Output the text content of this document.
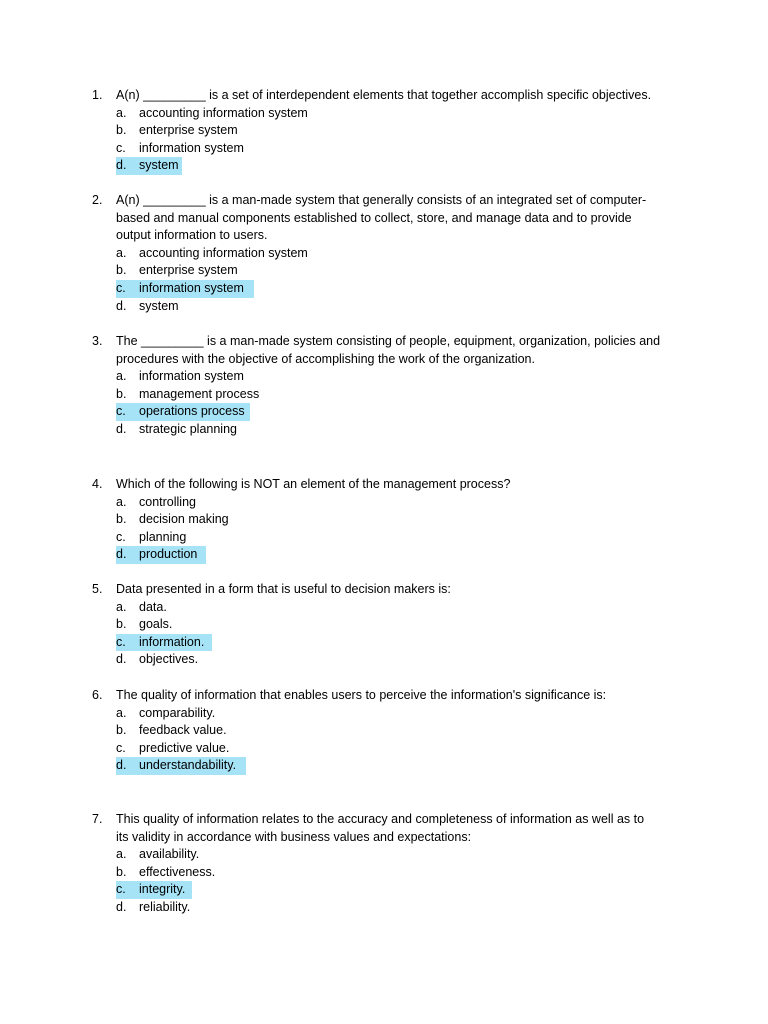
1. A(n) _________ is a set of interdependent elements that together accomplish specific objectives.
a. accounting information system
b. enterprise system
c. information system
d. system
2. A(n) _________ is a man-made system that generally consists of an integrated set of computer-
based and manual components established to collect, store, and manage data and to provide
output information to users.
a. accounting information system
b. enterprise system
c. information system
d. system
3. The _________ is a man-made system consisting of people, equipment, organization, policies and
procedures with the objective of accomplishing the work of the organization.
a. information system
b. management process
c. operations process
d. strategic planning
4. Which of the following is NOT an element of the management process?
a. controlling
b. decision making
c. planning
d. production
5. Data presented in a form that is useful to decision makers is:
a. data.
b. goals.
c. information.
d. objectives.
6. The quality of information that enables users to perceive the information's significance is:
a. comparability.
b. feedback value.
c. predictive value.
d. understandability.
7. This quality of information relates to the accuracy and completeness of information as well as to
its validity in accordance with business values and expectations:
a. availability.
b. effectiveness.
c. integrity.
d. reliability.
